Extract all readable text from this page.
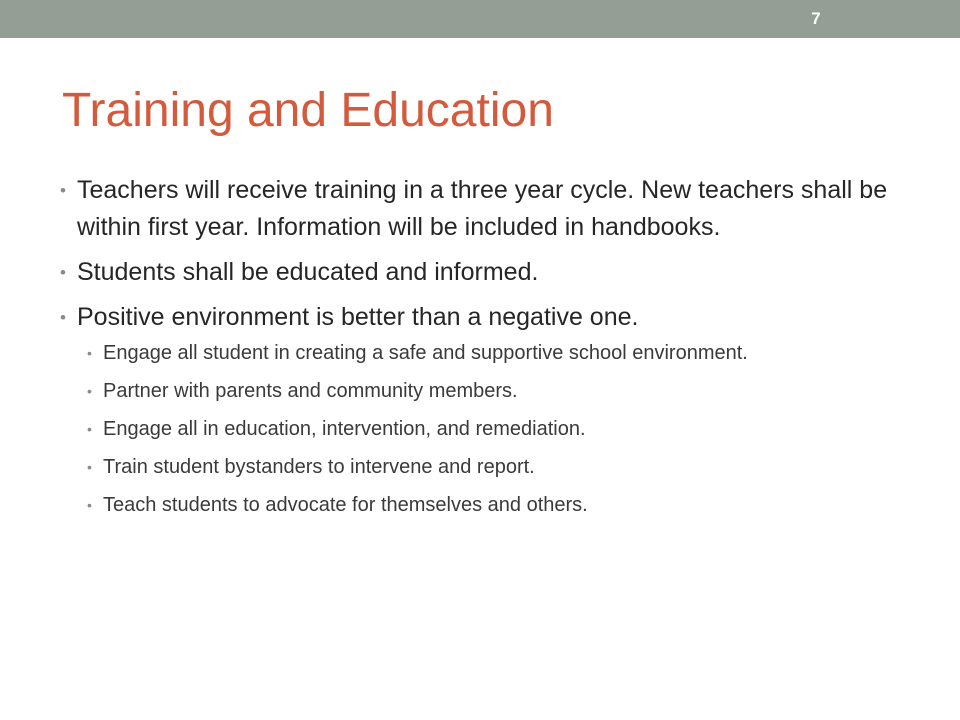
7
Training and Education
• Teachers will receive training in a three year cycle. New teachers shall be within first year. Information will be included in handbooks.
• Students shall be educated and informed.
• Positive environment is better than a negative one.
• Engage all student in creating a safe and supportive school environment.
• Partner with parents and community members.
• Engage all in education, intervention, and remediation.
• Train student bystanders to intervene and report.
• Teach students to advocate for themselves and others.
